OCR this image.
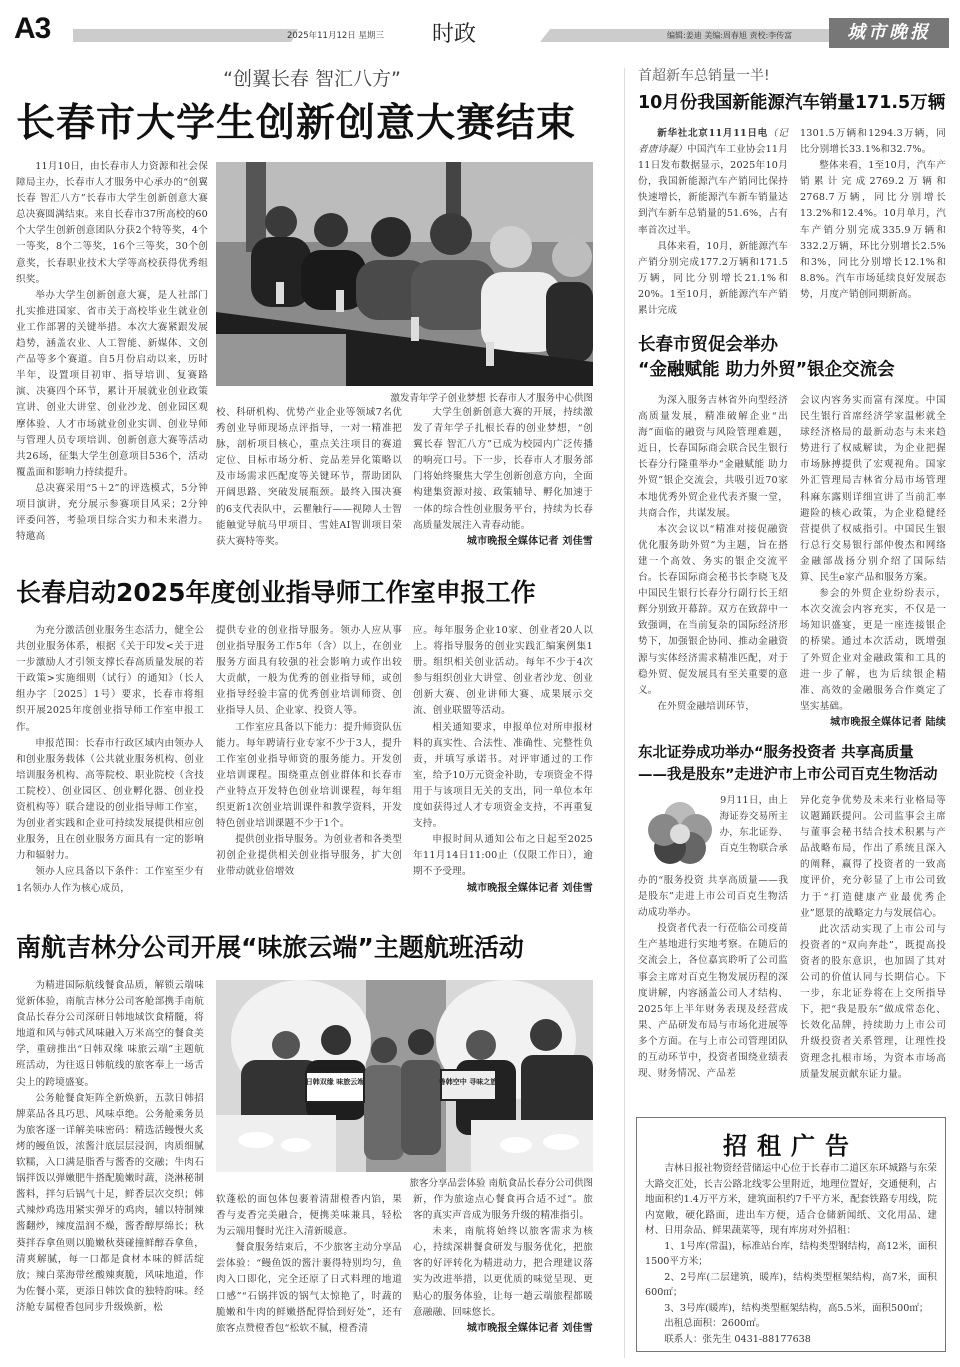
A3	2025年11月12日 星期三 时政	编辑:姜迪 美编:周春旭 责校:李传富	城市晚报
“创翼长春 智汇八方”
长春市大学生创新创意大赛结束

11月10日，由长春市人力资源和社会保障局主办，长春市人才服务中心承办的“创翼长春 智汇八方”长春市大学生创新创意大赛总决赛圆满结束。来自长春市37所高校的60个大学生创新创意团队分获2个特等奖，4个一等奖，8个二等奖，16个三等奖，30个创意奖，长春职业技术大学等高校获得优秀组织奖。

举办大学生创新创意大赛，是人社部门扎实推进国家、省市关于高校毕业生就业创业工作部署的关键举措。本次大赛紧跟发展趋势，涵盖农业、人工智能、新媒体、文创产品等多个赛道。自5月份启动以来，历时半年，设置项目初审、指导培训、复赛路演、决赛四个环节，累计开展就业创业政策宣讲、创业大讲堂、创业沙龙、创业园区观摩体验、人才市场就业创业实训、创业导师与管理人员专项培训、创新创意大赛等活动共26场，征集大学生创意项目536个，活动覆盖面和影响力持续提升。

总决赛采用“5＋2”的评选模式，5分钟项目演讲，充分展示参赛项目风采；2分钟评委问答，考验项目综合实力和未来潜力。特邀高

激发青年学子创业梦想 长春市人才服务中心供图
校、科研机构、优势产业企业等领域7名优秀创业导师现场点评指导，一对一精准把脉，剖析项目核心，重点关注项目的赛道定位、目标市场分析、竞品差异化策略以及市场需求匹配度等关键环节，帮助团队开阔思路、突破发展瓶颈。最终入围决赛的6支代表队中，云瞿触行——视障人士智能触觉导航马甲项目、雪娃AI智训项目荣获大赛特等奖。

大学生创新创意大赛的开展，持续激发了青年学子扎根长春的创业梦想，“创翼长春 智汇八方”已成为校园内广泛传播的响亮口号。下一步，长春市人才服务部门将始终聚焦大学生创新创意方向，全面构建集资源对接、政策辅导、孵化加速于一体的综合性创业服务平台，持续为长春高质量发展注入青春动能。

城市晚报全媒体记者 刘佳雪
长春启动2025年度创业指导师工作室申报工作

为充分激活创业服务生态活力，健全公共创业服务体系，根据《关于印发<关于进一步激励人才引领支撑长春高质量发展的若干政策>实施细则（试行）的通知》（长人组办字〔2025〕1号）要求，长春市将组织开展2025年度创业指导师工作室申报工作。

申报范围：长春市行政区域内由领办人和创业服务载体（公共就业服务机构、创业培训服务机构、高等院校、职业院校（含技工院校）、创业园区、创业孵化器、创业投资机构等）联合建设的创业指导师工作室，为创业者实践和企业可持续发展提供相应创业服务，且在创业服务方面具有一定的影响力和辐射力。

领办人应具备以下条件：工作室至少有1名领办人作为核心成员，

提供专业的创业指导服务。领办人应从事创业指导服务工作5年（含）以上，在创业服务方面具有较强的社会影响力或作出较大贡献，一般为优秀的创业指导师，或创业指导经验丰富的优秀创业培训师资、创业指导人员、企业家、投资人等。

工作室应具备以下能力：提升师资队伍能力。每年聘请行业专家不少于3人，提升工作室创业指导师资的服务能力。开发创业培训课程。围绕重点创业群体和长春市产业特点开发特色创业培训课程，每年组织更新1次创业培训课件和教学资料，开发特色创业培训课题不少于1个。

提供创业指导服务。为创业者和各类型初创企业提供相关创业指导服务，扩大创业带动就业倍增效

应。每年服务企业10家、创业者20人以上。将指导服务的创业实践汇编案例集1册。组织相关创业活动。每年不少于4次参与组织创业大讲堂、创业者沙龙、创业创新大赛、创业讲师大赛、成果展示交流、创业联盟等活动。

相关通知要求，申报单位对所申报材料的真实性、合法性、准确性、完整性负责，并填写承诺书。对评审通过的工作室，给予10万元资金补助，专项资金不得用于与该项目无关的支出，同一单位本年度如获得过人才专项资金支持，不再重复支持。

申报时间从通知公布之日起至2025年11月14日11:00止（仅限工作日），逾期不予受理。

城市晚报全媒体记者 刘佳雪
南航吉林分公司开展“味旅云端”主题航班活动

为精进国际航线餐食品质，解锁云端味觉新体验，南航吉林分公司客舱部携手南航食品长春分公司深研日韩地域饮食精髓，将地道和风与韩式风味融入万米高空的餐食美学，重磅推出“日韩双缘 味旅云端”主题航班活动，为往返日韩航线的旅客奉上一场舌尖上的跨境盛宴。

公务舱餐食矩阵全新焕新，五款日韩招牌菜品各具巧思、风味卓绝。公务舱乘务员为旅客逐一详解美味密码：精选活鳗慢火炙烤的鳗鱼饭，浓酱汁底层层浸润，肉质细腻软糯，入口满是脂香与酱香的交融；牛肉石锅拌饭以弹嫩肥牛搭配脆嫩时蔬，浇淋秘制酱料，拌匀后锅气十足，鲜香层次交织；韩式辣炒鸡选用紧实弹牙的鸡肉，辅以特制辣酱翻炒，辣度温润不燥，酱香醇厚绵长；秋葵拌吞拿鱼则以脆嫩秋葵碰撞鲜醇吞拿鱼，清爽解腻，每一口都是食材本味的鲜活绽放；辣白菜海带丝酸辣爽脆，风味地道，作为佐餐小菜，更添日韩饮食的独特韵味。经济舱专属橙香包同步升级焕新，松

日韩双缘 味旅云端	鲁韩空中 寻味之旅
旅客分享品尝体验 南航食品长春分公司供图

软蓬松的面包体包裹着清甜橙香内馅，果香与麦香完美融合，便携美味兼具，轻松为云端用餐时光注入清新暖意。

餐食服务结束后，不少旅客主动分享品尝体验：“鳗鱼饭的酱汁裹得特别均匀，鱼肉入口即化，完全还原了日式料理的地道口感”“石锅拌饭的锅气太惊艳了，时蔬的脆嫩和牛肉的鲜嫩搭配得恰到好处”，还有旅客点赞橙香包“松软不腻，橙香清

新，作为旅途点心餐食再合适不过”。旅客的真实声音成为服务升级的精准指引。

未来，南航将始终以旅客需求为核心，持续深耕餐食研发与服务优化，把旅客的好评转化为精进动力，把合理建议落实为改进举措，以更优质的味觉呈现、更贴心的服务体验，让每一趟云端旅程都暖意融融、回味悠长。

城市晚报全媒体记者 刘佳雪
首超新车总销量一半!
10月份我国新能源汽车销量171.5万辆

新华社北京11月11日电（记者唐诗凝）中国汽车工业协会11月11日发布数据显示，2025年10月份，我国新能源汽车产销同比保持快速增长，新能源汽车新车销量达到汽车新车总销量的51.6%，占有率首次过半。

具体来看，10月，新能源汽车产销分别完成177.2万辆和171.5万辆，同比分别增长21.1%和20%。1至10月，新能源汽车产销累计完成

1301.5万辆和1294.3万辆，同比分别增长33.1%和32.7%。

整体来看，1至10月，汽车产销累计完成2769.2万辆和2768.7万辆，同比分别增长13.2%和12.4%。10月单月，汽车产销分别完成335.9万辆和332.2万辆，环比分别增长2.5%和3%，同比分别增长12.1%和8.8%。汽车市场延续良好发展态势，月度产销创同期新高。

长春市贸促会举办
“金融赋能 助力外贸”银企交流会

为深入服务吉林省外向型经济高质量发展，精准破解企业“出海”面临的融资与风险管理难题，近日，长春国际商会联合民生银行长春分行隆重举办“金融赋能 助力外贸”银企交流会，共吸引近70家本地优秀外贸企业代表齐聚一堂，共商合作，共谋发展。

本次会议以“精准对接促融资 优化服务助外贸”为主题，旨在搭建一个高效、务实的银企交流平台。长春国际商会秘书长李晓飞及中国民生银行长春分行副行长王绍辉分别致开幕辞。双方在致辞中一致强调，在当前复杂的国际经济形势下，加强银企协同、推动金融资源与实体经济需求精准匹配，对于稳外贸、促发展具有至关重要的意义。

在外贸金融培训环节，

会议内容务实而富有深度。中国民生银行首席经济学家温彬就全球经济格局的最新动态与未来趋势进行了权威解读，为企业把握市场脉搏提供了宏观视角。国家外汇管理局吉林省分局市场管理科麻东露则详细宣讲了当前汇率避险的核心政策，为企业稳健经营提供了权威指引。中国民生银行总行交易银行部仲俊杰和网络金融部战扬分别介绍了国际结算、民生e家产品和服务方案。

参会的外贸企业纷纷表示，本次交流会内容充实，不仅是一场知识盛宴，更是一座连接银企的桥梁。通过本次活动，既增强了外贸企业对金融政策和工具的进一步了解，也为后续银企精准、高效的金融服务合作奠定了坚实基础。

城市晚报全媒体记者 陆续
东北证券成功举办“服务投资者 共享高质量
——我是股东”走进沪市上市公司百克生物活动
9月11日，由上海证券交易所主办，东北证券、百克生物联合承

办的“服务投资 共享高质量——我是股东”走进上市公司百克生物活动成功举办。

投资者代表一行莅临公司疫苗生产基地进行实地考察。在随后的交流会上，各位嘉宾聆听了公司监事会主席对百克生物发展历程的深度讲解，内容涵盖公司人才结构、2025年上半年财务表现及经营成果、产品研发布局与市场化进展等多个方面。在与上市公司管理团队的互动环节中，投资者围绕业绩表现、财务情况、产品差

异化竞争优势及未来行业格局等议题踊跃提问。公司监事会主席与董事会秘书结合技术积累与产品战略布局，作出了系统且深入的阐释，赢得了投资者的一致高度评价，充分彰显了上市公司致力于“打造健康产业最优秀企业”愿景的战略定力与发展信心。

此次活动实现了上市公司与投资者的“双向奔赴”，既提高投资者的股东意识，也加固了其对公司的价值认同与长期信心。下一步，东北证券将在上交所指导下，把“我是股东”做成常态化、长效化品牌，持续助力上市公司升级投资者关系管理，让理性投资理念扎根市场，为资本市场高质量发展贡献东证力量。

招租广告

吉林日报社物资经营储运中心位于长春市二道区东环城路与东荣大路交汇处，长吉公路北线零公里附近，地理位置好，交通便利，占地面积约1.4万平方米，建筑面积约7千平方米，配套铁路专用线，院内宽敞，硬化路面，进出车方便，适合仓储新闻纸、文化用品、建材、日用杂品、鲜果蔬菜等，现有库房对外招租：

1、1号库(常温)，标准站台库，结构类型钢结构，高12米，面积1500平方米；

2、2号库(二层建筑，暖库)，结构类型框架结构，高7米，面积600㎡；

3、3号库(暖库)，结构类型框架结构，高5.5米，面积500㎡；

出租总面积：2600㎡。

联系人：张先生 0431-88177638
